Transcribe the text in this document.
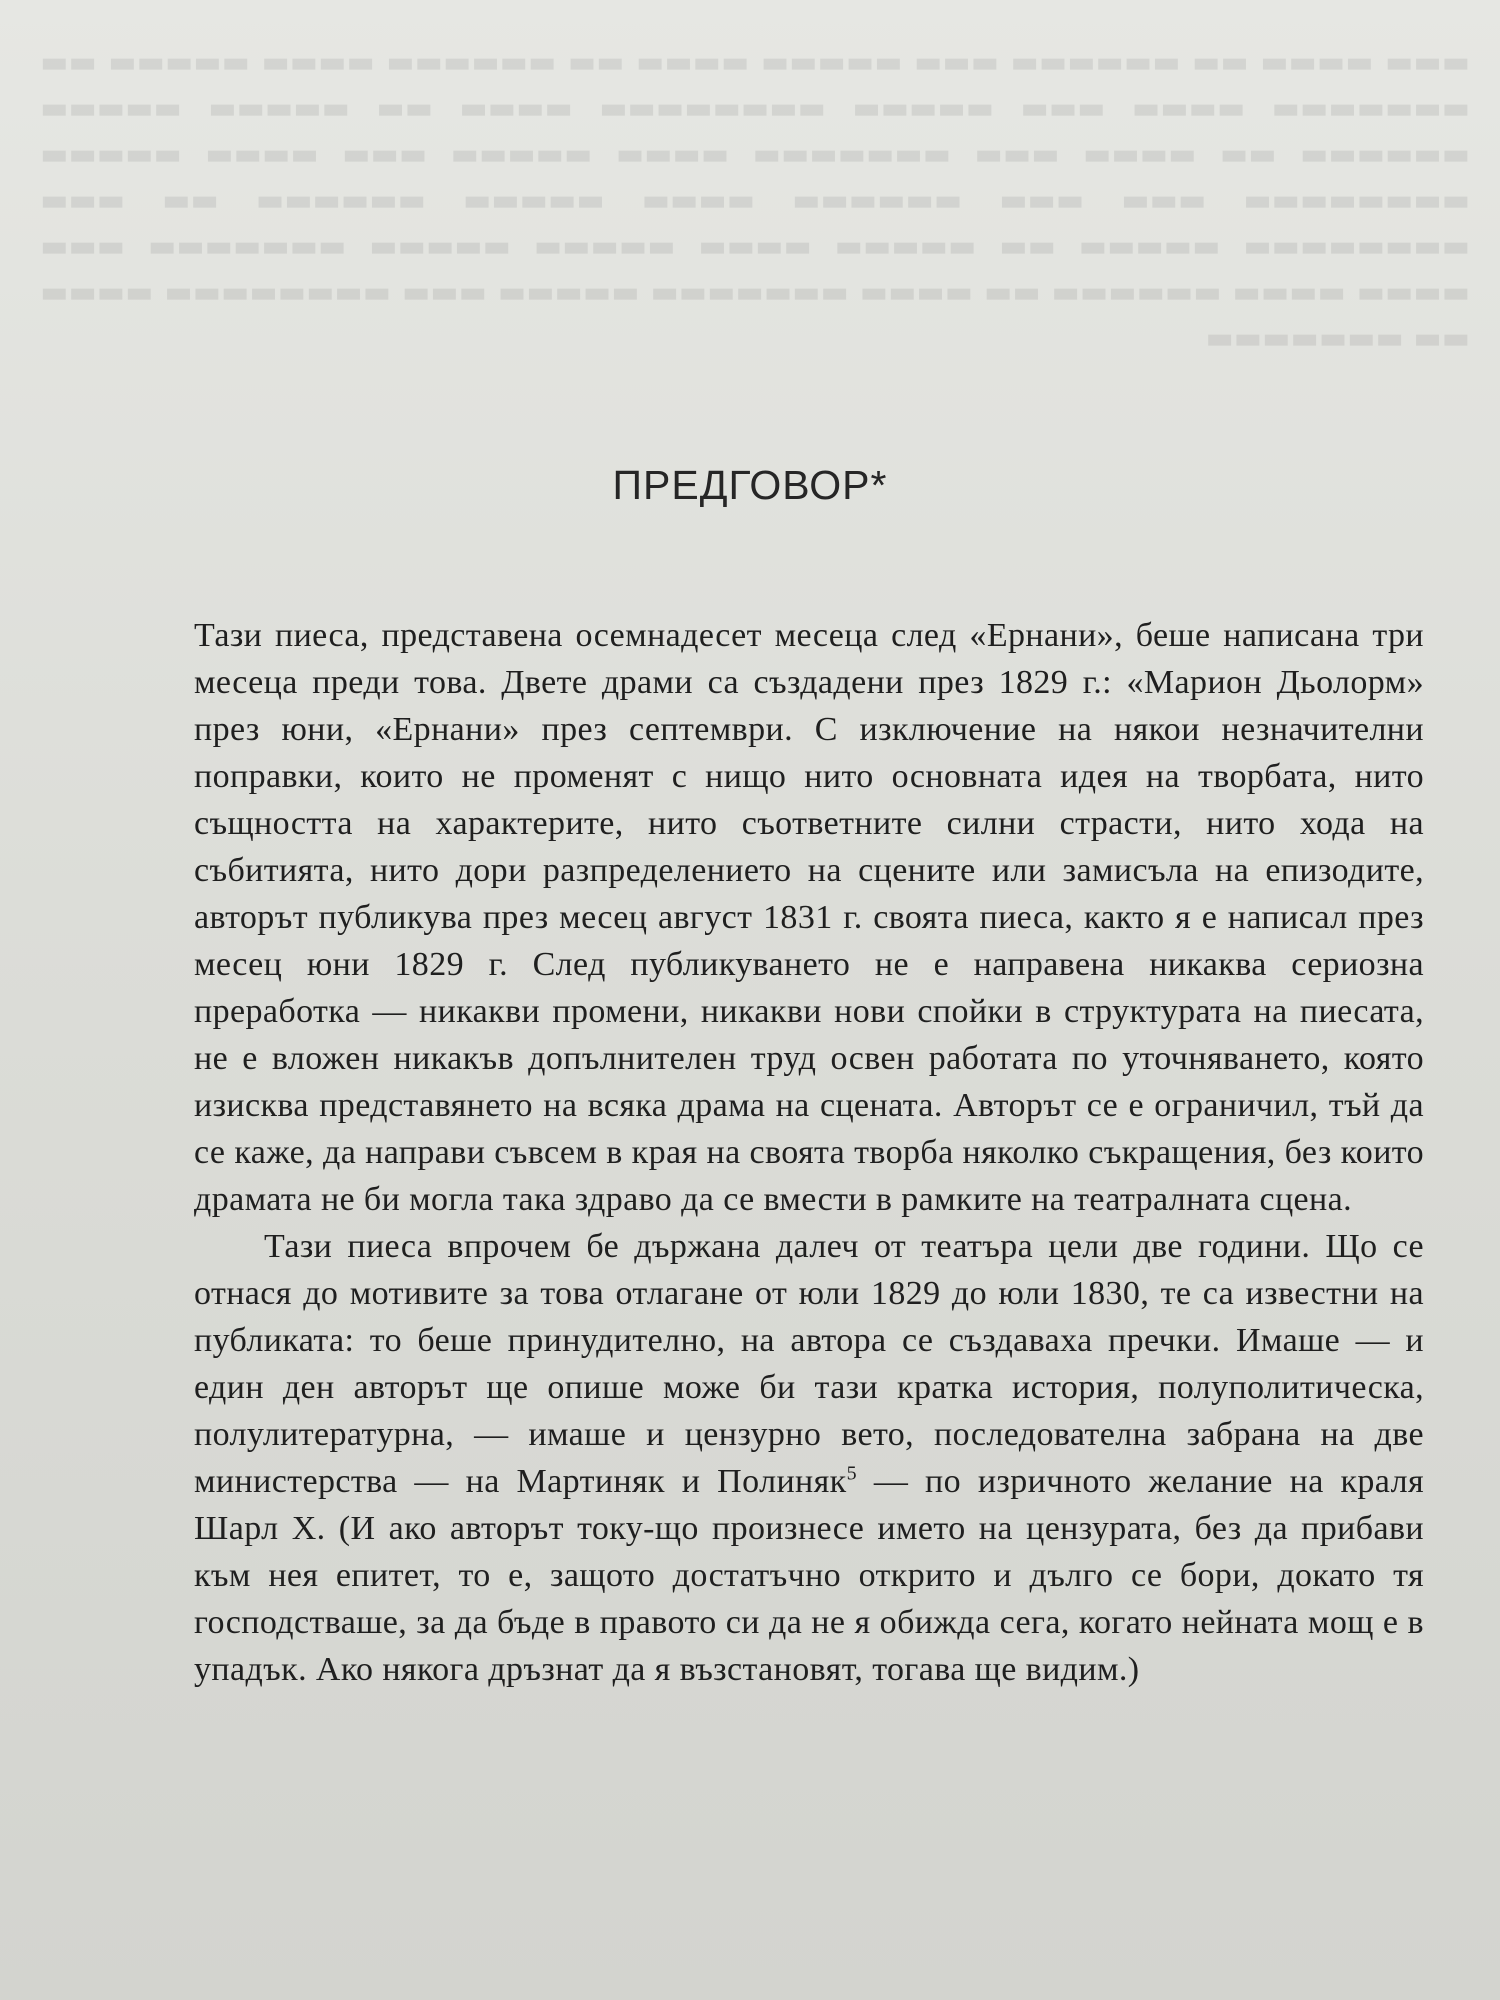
▬▬▬ ▬▬▬▬ ▬▬ ▬▬▬▬▬▬ ▬▬▬ ▬▬▬▬▬ ▬▬▬▬ ▬▬ ▬▬▬▬▬▬ ▬▬▬▬ ▬▬▬▬▬ ▬▬ ▬▬▬▬▬▬▬ ▬▬▬▬ ▬▬▬ ▬▬▬▬▬ ▬▬▬▬▬▬▬▬ ▬▬▬▬ ▬▬ ▬▬▬▬▬ ▬▬▬▬▬ ▬▬▬▬▬▬ ▬▬ ▬▬▬▬ ▬▬▬ ▬▬▬▬▬▬▬ ▬▬▬▬ ▬▬▬▬▬ ▬▬▬ ▬▬▬▬ ▬▬▬▬▬ ▬▬▬▬▬▬▬▬ ▬▬▬ ▬▬▬ ▬▬▬▬▬▬ ▬▬▬▬ ▬▬▬▬▬ ▬▬▬▬▬▬ ▬▬ ▬▬▬ ▬▬▬▬▬▬▬▬ ▬▬▬▬▬ ▬▬ ▬▬▬▬▬ ▬▬▬▬ ▬▬▬▬▬ ▬▬▬▬▬ ▬▬▬▬▬▬▬ ▬▬▬ ▬▬▬▬ ▬▬▬▬ ▬▬▬▬▬▬ ▬▬ ▬▬▬▬ ▬▬▬▬▬▬▬ ▬▬▬▬▬ ▬▬▬ ▬▬▬▬▬▬▬▬ ▬▬▬▬ ▬▬ ▬▬▬▬▬▬▬
ПРЕДГОВОР*

Тази пиеса, представена осемнадесет месеца след «Ернани», беше написана три месеца преди това. Двете драми са създадени през 1829 г.: «Марион Дьолорм» през юни, «Ернани» през септември. С изключение на някои незначителни поправки, които не променят с нищо нито основната идея на творбата, нито същността на характерите, нито съответните силни страсти, нито хода на събитията, нито дори разпределението на сцените или замисъла на епизодите, авторът публикува през месец август 1831 г. своята пиеса, както я е написал през месец юни 1829 г. След публикуването не е направена никаква сериозна преработка — никакви промени, никакви нови спойки в структурата на пиесата, не е вложен никакъв допълнителен труд освен работата по уточняването, която изисква представянето на всяка драма на сцената. Авторът се е ограничил, тъй да се каже, да направи съвсем в края на своята творба няколко съкращения, без които драмата не би могла така здраво да се вмести в рамките на театралната сцена.

Тази пиеса впрочем бе държана далеч от театъра цели две години. Що се отнася до мотивите за това отлагане от юли 1829 до юли 1830, те са известни на публиката: то беше принудително, на автора се създаваха пречки. Имаше — и един ден авторът ще опише може би тази кратка история, полуполитическа, полулитературна, — имаше и цензурно вето, последователна забрана на две министерства — на Мартиняк и Полиняк$^5$ — по изричното желание на краля Шарл X. (И ако авторът току-що произнесе името на цензурата, без да прибави към нея епитет, то е, защото достатъчно открито и дълго се бори, докато тя господстваше, за да бъде в правото си да не я обижда сега, когато нейната мощ е в упадък. Ако някога дръзнат да я възстановят, тогава ще видим.)
